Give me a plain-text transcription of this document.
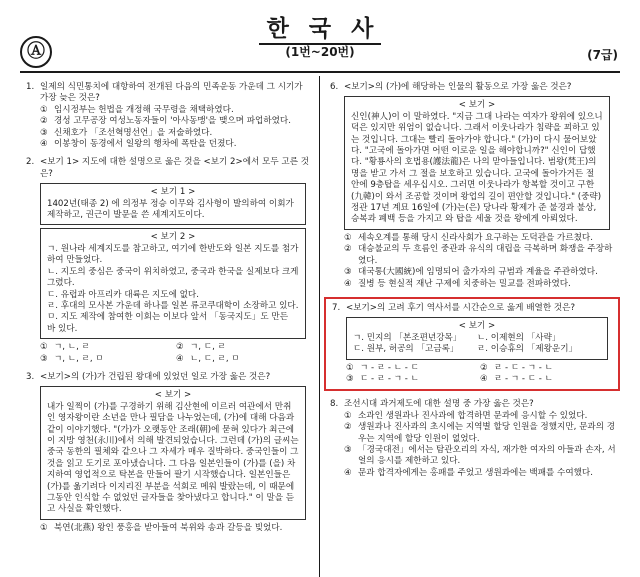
Ⓐ
한 국 사
(1번~20번)	(7급)
1. 일제의 식민통치에 대항하여 전개된 다음의 민족운동 가운데 그 시기가 가장 늦은 것은?
① 임시정부는 헌법을 개정해 국무령을 채택하였다.
② 경성 고무공장 여성노동자들이 '아사동맹'을 맺으며 파업하였다.
③ 신채호가 「조선혁명선언」을 저술하였다.
④ 이봉창이 동경에서 일왕의 행차에 폭탄을 던졌다.
2. <보기 1> 지도에 대한 설명으로 옳은 것을 <보기 2>에서 모두 고른 것은?
< 보기 1 >
1402년(태종 2) 에 의정부 정승 이무와 김사형이 발의하여 이회가 제작하고, 권근이 발문을 쓴 세계지도이다.
< 보기 2 >
ㄱ. 원나라 세계지도를 참고하고, 여기에 한반도와 일본 지도를 첨가하여 만들었다.
ㄴ. 지도의 중심은 중국이 위치하였고, 중국과 한국을 실제보다 크게 그렸다.
ㄷ. 유럽과 아프리카 대륙은 지도에 없다.
ㄹ. 후대의 모사본 가운데 하나를 일본 류코쿠대학이 소장하고 있다.
ㅁ. 지도 제작에 참여한 이회는 이보다 앞서 「동국지도」도 만든 바 있다.
① ㄱ, ㄴ, ㄹ	② ㄱ, ㄷ, ㄹ
③ ㄱ, ㄴ, ㄹ, ㅁ	④ ㄴ, ㄷ, ㄹ, ㅁ
3. <보기>의 (가)가 건립된 왕대에 있었던 일로 가장 옳은 것은?
< 보기 >
내가 일찍이 (가)를 구경하기 위해 김산현에 이르러 여관에서 만취인 영자왕이란 소년을 만나 필담을 나누었는데, (가)에 대해 다음과 같이 이야기했다. "(가)가 오랫동안 조래(朝)에 묻혀 있다가 최근에 이 지방 영천(永川)에서 의해 발견되었습니다. 그런데 (가)의 글씨는 중국 동한의 필체와 같으나 그 자세가 매우 질박하다. 중국인들이 그것을 읽고 도기로 포아냈습니다. 그 다음 일본인들이 (가)를 (을) 차지하여 영업적으로 탁본을 만들어 팔기 시작했습니다. 일본인들은 (가)를 옮기려다 이지리진 부분을 석회로 메워 발랐는데, 이 때문에 그동안 인식할 수 없었던 글자들을 찾아냈다고 합니다." 이 말을 듣고 사실을 확인했다.
① 북연(北燕) 왕인 풍홍을 받아들여 북위와 송과 갈등을 빚었다.
6. <보기>의 (가)에 해당하는 인물의 활동으로 가장 옳은 것은?
< 보기 >
신인(神人)이 이 말하였다. "지금 그대 나라는 여자가 왕위에 있으니 덕은 있지만 위엄이 없습니다. 그래서 이웃나라가 침략을 꾀하고 있는 것입니다. 그대는 빨리 돌아가야 합니다." (가)이 다시 물어보았다. "고국에 돌아가면 어떤 이로운 일을 해야합니까?" 신인이 답했다. "황룡사의 호법용(護法龍)은 나의 맏아들입니다. 범왕(梵王)의 명을 받고 가서 그 절을 보호하고 있습니다. 고국에 돌아가거든 절 안에 9층탑을 세우십시오. 그러면 이웃나라가 항복할 것이고 구한(九韓)이 와서 조공할 것이며 왕업의 길이 편안할 것입니다." (중략) 정관 17년 계묘 16일에 (가)는(은) 당나라 황제가 준 불경과 불상, 승복과 폐백 등을 가지고 와 탑을 세울 것을 왕에게 아뢰었다.
① 세속오계를 통해 당시 신라사회가 요구하는 도덕관을 가르쳤다.
② 대승불교의 두 흐름인 중관과 유식의 대립을 극복하며 화쟁을 주장하였다.
③ 대국통(大國統)에 임명되어 출가자의 규범과 계율을 주관하였다.
④ 질병 등 현실적 재난 구제에 치중하는 밀교를 전파하였다.
7. <보기>의 고려 후기 역사서를 시간순으로 옳게 배열한 것은?
< 보기 >
ㄱ. 민지의 「본조편년강목」	ㄴ. 이제현의 「사략」
ㄷ. 원부, 허공의 「고금록」	ㄹ. 이승휴의 「제왕운기」
① ㄱ - ㄹ - ㄴ - ㄷ	② ㄹ - ㄷ - ㄱ - ㄴ
③ ㄷ - ㄹ - ㄱ - ㄴ	④ ㄹ - ㄱ - ㄷ - ㄴ
8. 조선시대 과거제도에 대한 설명 중 가장 옳은 것은?
① 소과인 생원과나 진사과에 합격하면 문과에 응시할 수 있었다.
② 생원과나 진사과의 초시에는 지역별 할당 인원을 정했지만, 문과의 경우는 지역에 할당 인원이 없었다.
③ 「경국대전」에서는 탐관오리의 자식, 재가한 여자의 아들과 손자, 서얼의 응시를 제한하고 있다.
④ 문과 합격자에게는 홍패를 주었고 생원과에는 백패를 수여했다.
